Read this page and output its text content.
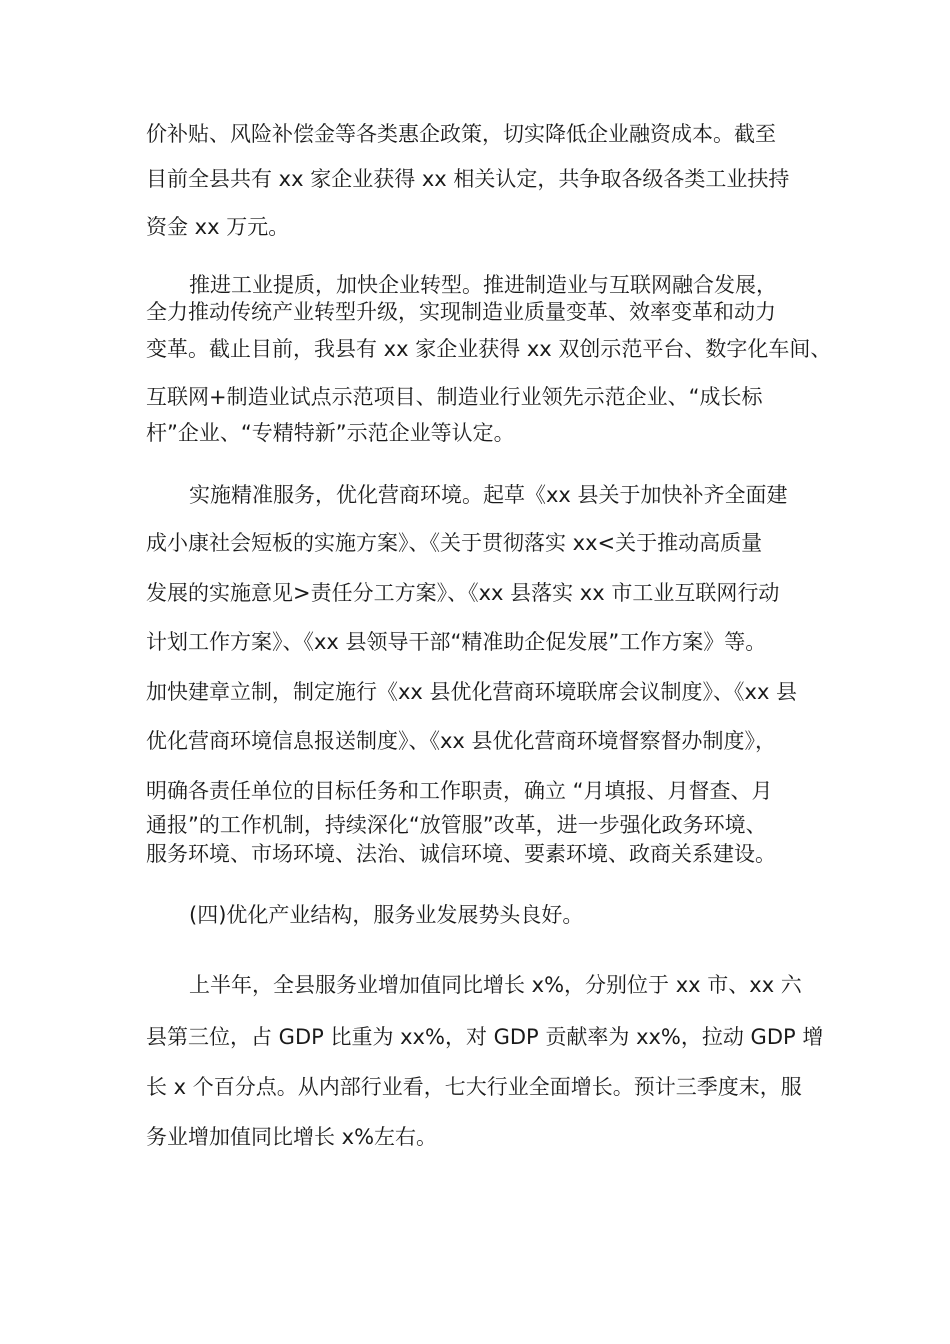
价补贴、风险补偿金等各类惠企政策，切实降低企业融资成本。截至

目前全县共有 xx 家企业获得 xx 相关认定，共争取各级各类工业扶持

资金 xx 万元。

推进工业提质，加快企业转型。推进制造业与互联网融合发展，

全力推动传统产业转型升级，实现制造业质量变革、效率变革和动力

变革。截止目前，我县有 xx 家企业获得 xx 双创示范平台、数字化车间、

互联网+制造业试点示范项目、制造业行业领先示范企业、“成长标

杆”企业、“专精特新”示范企业等认定。

实施精准服务，优化营商环境。起草《xx 县关于加快补齐全面建

成小康社会短板的实施方案》、《关于贯彻落实 xx<关于推动高质量

发展的实施意见>责任分工方案》、《xx 县落实 xx 市工业互联网行动

计划工作方案》、《xx 县领导干部“精准助企促发展”工作方案》等。

加快建章立制，制定施行《xx 县优化营商环境联席会议制度》、《xx 县

优化营商环境信息报送制度》、《xx 县优化营商环境督察督办制度》，

明确各责任单位的目标任务和工作职责，确立 “月填报、月督查、月

通报”的工作机制，持续深化“放管服”改革，进一步强化政务环境、

服务环境、市场环境、法治、诚信环境、要素环境、政商关系建设。

(四)优化产业结构，服务业发展势头良好。

上半年，全县服务业增加值同比增长 x%，分别位于 xx 市、xx 六

县第三位，占 GDP 比重为 xx%，对 GDP 贡献率为 xx%，拉动 GDP 增

长 x 个百分点。从内部行业看，七大行业全面增长。预计三季度末，服

务业增加值同比增长 x%左右。
